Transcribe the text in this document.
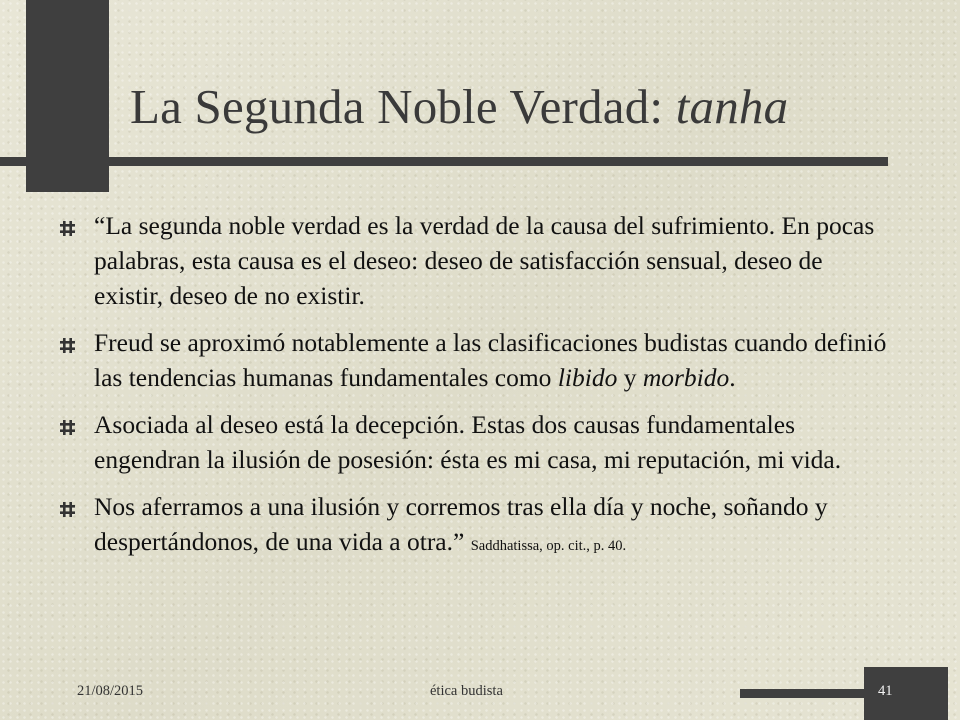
La Segunda Noble Verdad: tanha
“La segunda noble verdad es la verdad de la causa del sufrimiento. En pocas palabras, esta causa es el deseo: deseo de satisfacción sensual, deseo de existir, deseo de no existir.
Freud se aproximó notablemente a las clasificaciones budistas cuando definió las tendencias humanas fundamentales como libido y morbido.
Asociada al deseo está la decepción. Estas dos causas fundamentales engendran la ilusión de posesión: ésta es mi casa, mi reputación, mi vida.
Nos aferramos a una ilusión y corremos tras ella día y noche, soñando y despertándonos, de una vida a otra.” Saddhatissa, op. cit., p. 40.
21/08/2015	ética budista	41
